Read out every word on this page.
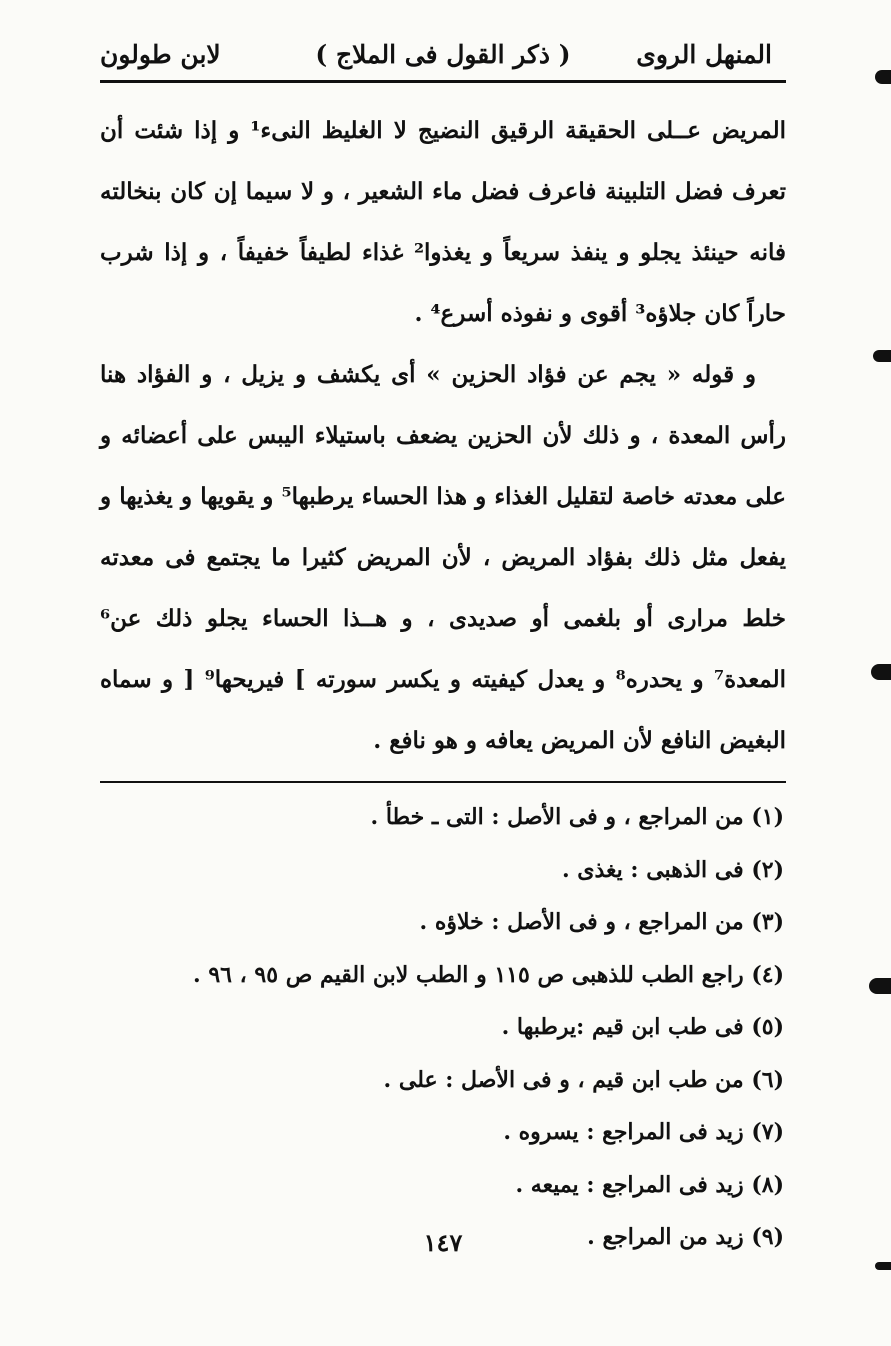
المنهل الروى
( ذكر القول فى الملاج )
لابن طولون

المريض عــلى الحقيقة الرقيق النضيج لا الغليظ النىء¹ و إذا شئت أن تعرف فضل التلبينة فاعرف فضل ماء الشعير ، و لا سيما إن كان بنخالته فانه حينئذ يجلو و ينفذ سريعاً و يغذوا² غذاء لطيفاً خفيفاً ، و إذا شرب حاراً كان جلاؤه³ أقوى و نفوذه أسرع⁴ .

و قوله « يجم عن فؤاد الحزين » أى يكشف و يزيل ، و الفؤاد هنا رأس المعدة ، و ذلك لأن الحزين يضعف باستيلاء اليبس على أعضائه و على معدته خاصة لتقليل الغذاء و هذا الحساء يرطبها⁵ و يقويها و يغذيها و يفعل مثل ذلك بفؤاد المريض ، لأن المريض كثيرا ما يجتمع فى معدته خلط مرارى أو بلغمى أو صديدى ، و هــذا الحساء يجلو ذلك عن⁶ المعدة⁷ و يحدره⁸ و يعدل كيفيته و يكسر سورته ] فيريحها⁹ [ و سماه البغيض النافع لأن المريض يعافه و هو نافع .

(١) من المراجع ، و فى الأصل : التى ـ خطأ .
(٢) فى الذهبى : يغذى .
(٣) من المراجع ، و فى الأصل : خلاؤه .
(٤) راجع الطب للذهبى ص ١١٥ و الطب لابن القيم ص ٩٥ ، ٩٦ .
(٥) فى طب ابن قيم :يرطبها .
(٦) من طب ابن قيم ، و فى الأصل : على .
(٧) زيد فى المراجع : يسروه .
(٨) زيد فى المراجع : يميعه .
(٩) زيد من المراجع .
١٤٧
